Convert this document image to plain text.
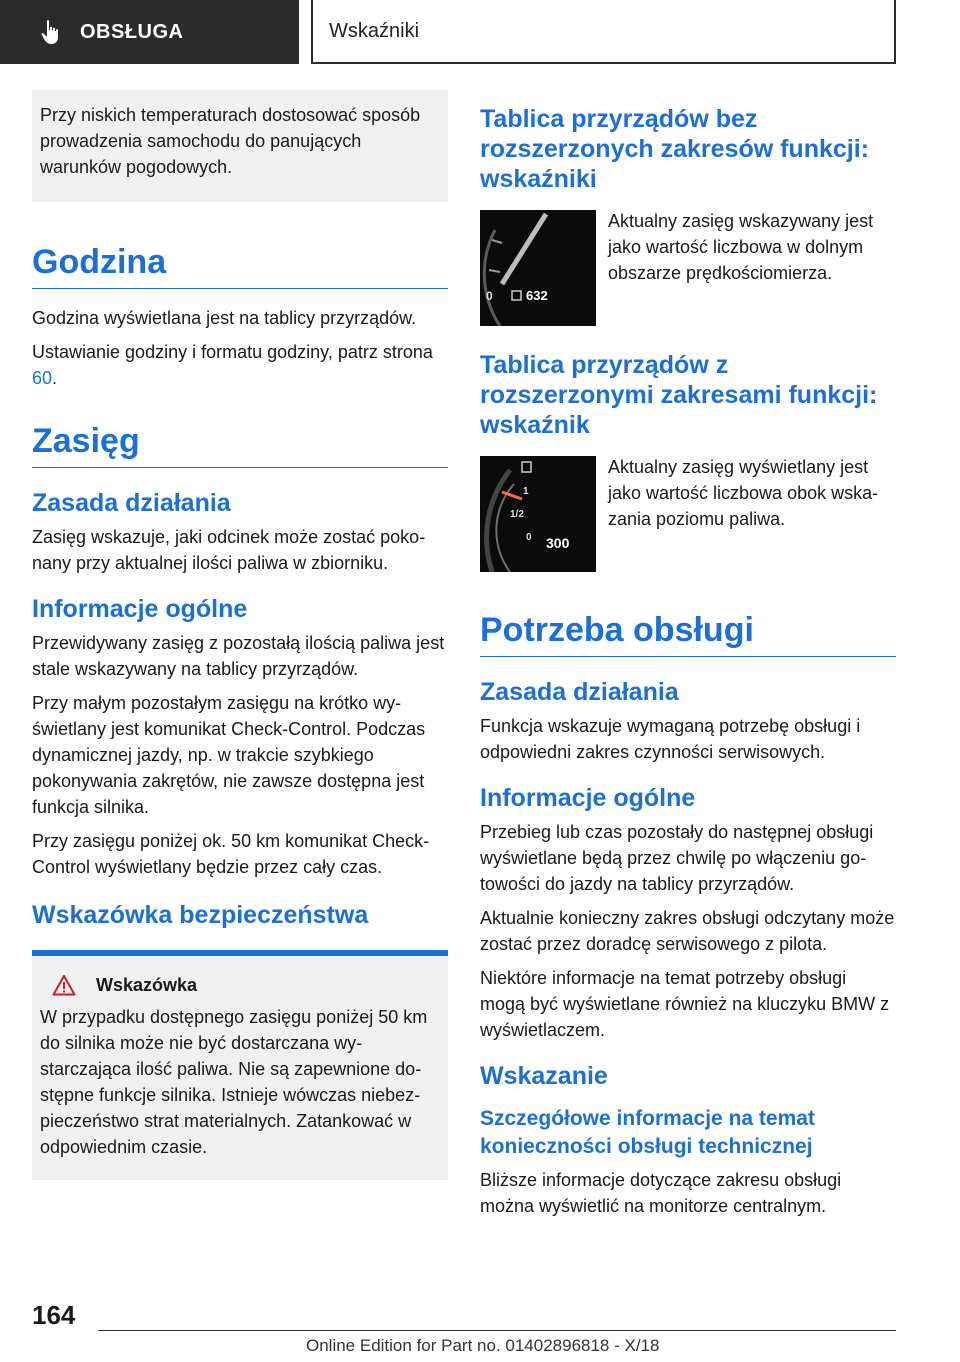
OBSŁUGA	Wskaźniki

Przy niskich temperaturach dostosować sposób prowadzenia samochodu do panujących warunków pogodowych.

Godzina

Godzina wyświetlana jest na tablicy przyrządów.

Ustawianie godziny i formatu godziny, patrz strona 60.

Zasięg
Zasada działania

Zasięg wskazuje, jaki odcinek może zostać pokonany przy aktualnej ilości paliwa w zbiorniku.

Informacje ogólne

Przewidywany zasięg z pozostałą ilością paliwa jest stale wskazywany na tablicy przyrządów.

Przy małym pozostałym zasięgu na krótko wyświetlany jest komunikat Check-Control. Podczas dynamicznej jazdy, np. w trakcie szybkiego pokonywania zakrętów, nie zawsze dostępna jest funkcja silnika.

Przy zasięgu poniżej ok. 50 km komunikat Check-Control wyświetlany będzie przez cały czas.

Wskazówka bezpieczeństwa
Wskazówka

W przypadku dostępnego zasięgu poniżej 50 km do silnika może nie być dostarczana wystarczająca ilość paliwa. Nie są zapewnione dostępne funkcje silnika. Istnieje wówczas niebezpieczeństwo strat materialnych. Zatankować w odpowiednim czasie.

Tablica przyrządów bez rozszerzonych zakresów funkcji: wskaźniki
0	632

Aktualny zasięg wskazywany jest jako wartość liczbowa w dolnym obszarze prędkościomierza.

Tablica przyrządów z rozszerzonymi zakresami funkcji: wskaźnik
1
1/2
0 300

Aktualny zasięg wyświetlany jest jako wartość liczbowa obok wskazania poziomu paliwa.

Potrzeba obsługi
Zasada działania

Funkcja wskazuje wymaganą potrzebę obsługi i odpowiedni zakres czynności serwisowych.

Informacje ogólne

Przebieg lub czas pozostały do następnej obsługi wyświetlane będą przez chwilę po włączeniu gotowości do jazdy na tablicy przyrządów.

Aktualnie konieczny zakres obsługi odczytany może zostać przez doradcę serwisowego z pilota.

Niektóre informacje na temat potrzeby obsługi mogą być wyświetlane również na kluczyku BMW z wyświetlaczem.

Wskazanie
Szczegółowe informacje na temat konieczności obsługi technicznej

Bliższe informacje dotyczące zakresu obsługi można wyświetlić na monitorze centralnym.

164
Online Edition for Part no. 01402896818 - X/18
